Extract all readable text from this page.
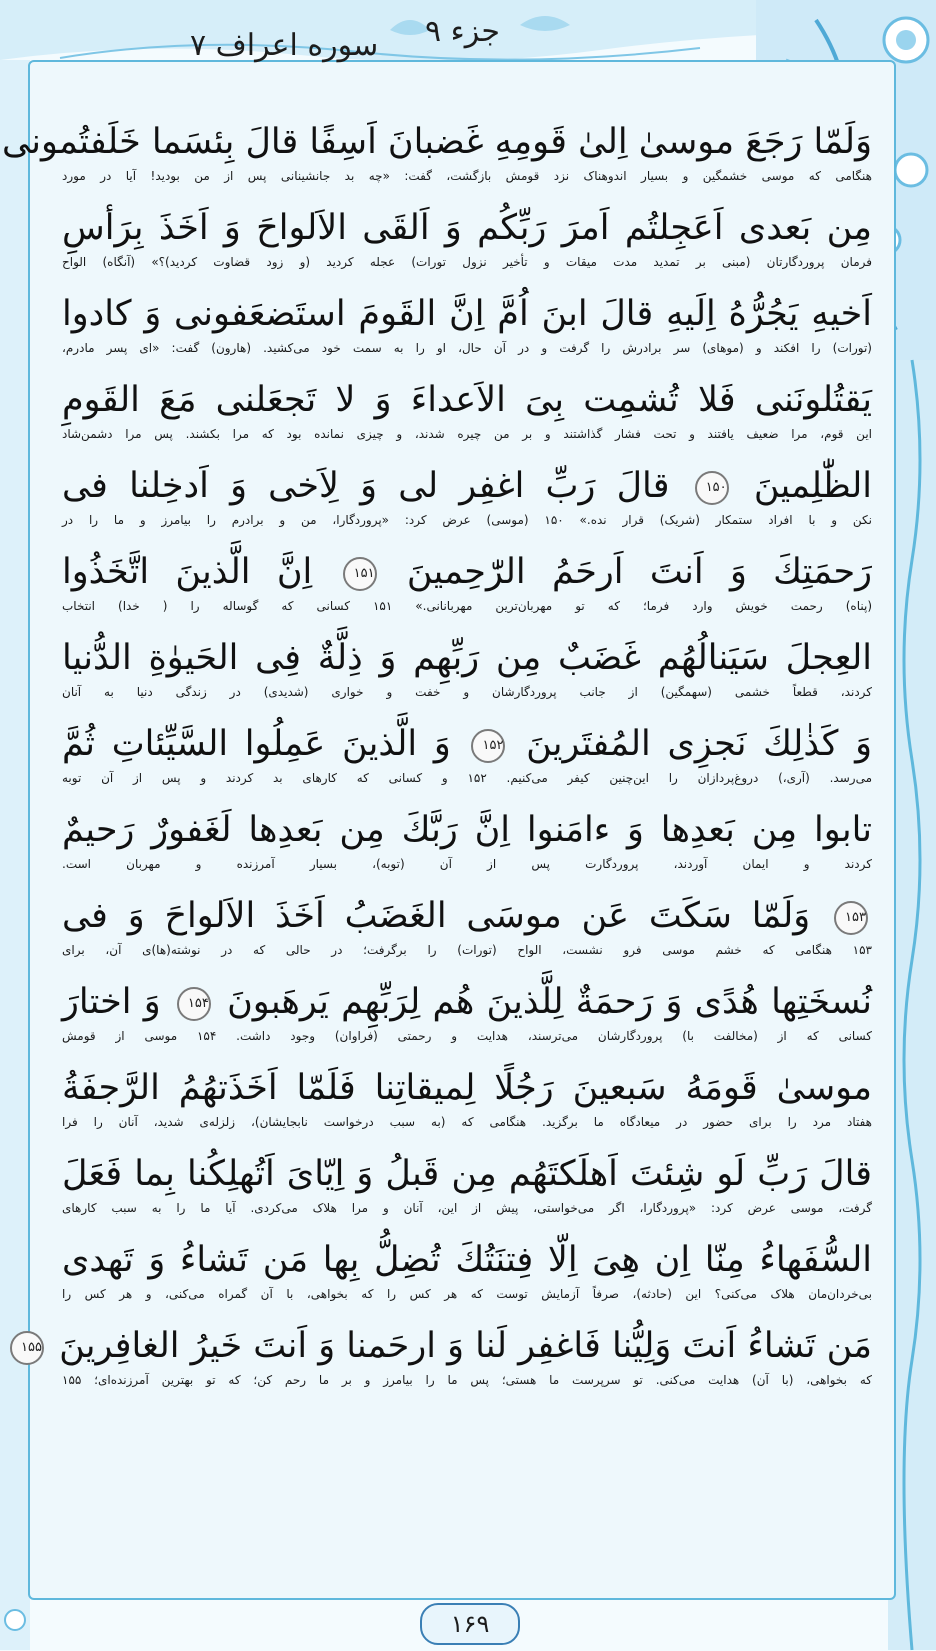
جزء ۹
سوره اعراف ۷
وَلَمّا رَجَعَ موسىٰ اِلىٰ قَومِهِ غَضبانَ اَسِفًا قالَ بِئسَما خَلَفتُمونی
هنگامی که موسی خشمگین و بسیار اندوهناک نزد قومش بازگشت، گفت: «چه بد جانشینانی پس از من بودید! آیا در مورد
مِن بَعدی اَعَجِلتُم اَمرَ رَبِّكُم وَ اَلقَى الاَلواحَ وَ اَخَذَ بِرَأسِ
فرمان پروردگارتان (مبنی بر تمدید مدت میقات و تأخیر نزول تورات) عجله کردید (و زود قضاوت کردید)؟» (آنگاه) الواح
اَخیهِ یَجُرُّهُ اِلَیهِ قالَ ابنَ اُمَّ اِنَّ القَومَ استَضعَفونی وَ کادوا
(تورات) را افکند و (موهای) سر برادرش را گرفت و در آن حال، او را به سمت خود می‌کشید. (هارون) گفت: «ای پسر مادرم،
یَقتُلونَنی فَلا تُشمِت بِیَ الاَعداءَ وَ لا تَجعَلنی مَعَ القَومِ
این قوم، مرا ضعیف یافتند و تحت فشار گذاشتند و بر من چیره شدند، و چیزی نمانده بود که مرا بکشند. پس مرا دشمن‌شاد
الظّٰلِمینَ ۱۵۰ قالَ رَبِّ اغفِر لی وَ لِاَخی وَ اَدخِلنا فی
نکن و با افراد ستمکار (شریک) قرار نده.» ۱۵۰ (موسی) عرض کرد: «پروردگارا، من و برادرم را بیامرز و ما را در
رَحمَتِكَ وَ اَنتَ اَرحَمُ الرّٰحِمینَ ۱۵۱ اِنَّ الَّذینَ اتَّخَذُوا
(پناه) رحمت خویش وارد فرما؛ که تو مهربان‌ترین مهربانانی.» ۱۵۱ کسانی که گوساله را ( خدا) انتخاب
العِجلَ سَیَنالُهُم غَضَبٌ مِن رَبِّهِم وَ ذِلَّةٌ فِی الحَیوٰةِ الدُّنیا
کردند، قطعاً خشمی (سهمگین) از جانب پروردگارشان و خفت و خواری (شدیدی) در زندگی دنیا به آنان
وَ کَذٰلِكَ نَجزِی المُفتَرینَ ۱۵۲ وَ الَّذینَ عَمِلُوا السَّیِّئاتِ ثُمَّ
می‌رسد. (آری،) دروغ‌پردازان را این‌چنین کیفر می‌کنیم. ۱۵۲ و کسانی که کارهای بد کردند و پس از آن توبه
تابوا مِن بَعدِها وَ ءامَنوا اِنَّ رَبَّكَ مِن بَعدِها لَغَفورٌ رَحیمٌ
کردند و ایمان آوردند، پروردگارت پس از آن (توبه)، بسیار آمرزنده و مهربان است.
۱۵۳ وَلَمّا سَکَتَ عَن موسَى الغَضَبُ اَخَذَ الاَلواحَ وَ فی
۱۵۳ هنگامی که خشم موسی فرو نشست، الواح (تورات) را برگرفت؛ در حالی که در نوشته(ها)ی آن، برای
نُسخَتِها هُدًى وَ رَحمَةٌ لِلَّذینَ هُم لِرَبِّهِم یَرهَبونَ ۱۵۴ وَ اختارَ
کسانی که از (مخالفت با) پروردگارشان می‌ترسند، هدایت و رحمتی (فراوان) وجود داشت. ۱۵۴ موسی از قومش
موسىٰ قَومَهُ سَبعینَ رَجُلًا لِمیقاتِنا فَلَمّا اَخَذَتهُمُ الرَّجفَةُ
هفتاد مرد را برای حضور در میعادگاه ما برگزید. هنگامی که (به سبب درخواست نابجایشان)، زلزله‌ی شدید، آنان را فرا
قالَ رَبِّ لَو شِئتَ اَهلَکتَهُم مِن قَبلُ وَ اِیّایَ اَتُهلِکُنا بِما فَعَلَ
گرفت، موسی عرض کرد: «پروردگارا، اگر می‌خواستی، پیش از این، آنان و مرا هلاک می‌کردی. آیا ما را به سبب کارهای
السُّفَهاءُ مِنّا اِن هِیَ اِلّا فِتنَتُكَ تُضِلُّ بِها مَن تَشاءُ وَ تَهدی
بی‌خردان‌مان هلاک می‌کنی؟ این (حادثه)، صرفاً آزمایش توست که هر کس را که بخواهی، با آن گمراه می‌کنی، و هر کس را
مَن تَشاءُ اَنتَ وَلِیُّنا فَاغفِر لَنا وَ ارحَمنا وَ اَنتَ خَیرُ الغافِرینَ ۱۵۵
که بخواهی، (با آن) هدایت می‌کنی. تو سرپرست ما هستی؛ پس ما را بیامرز و بر ما رحم کن؛ که تو بهترین آمرزنده‌ای؛ ۱۵۵
۱۶۹
